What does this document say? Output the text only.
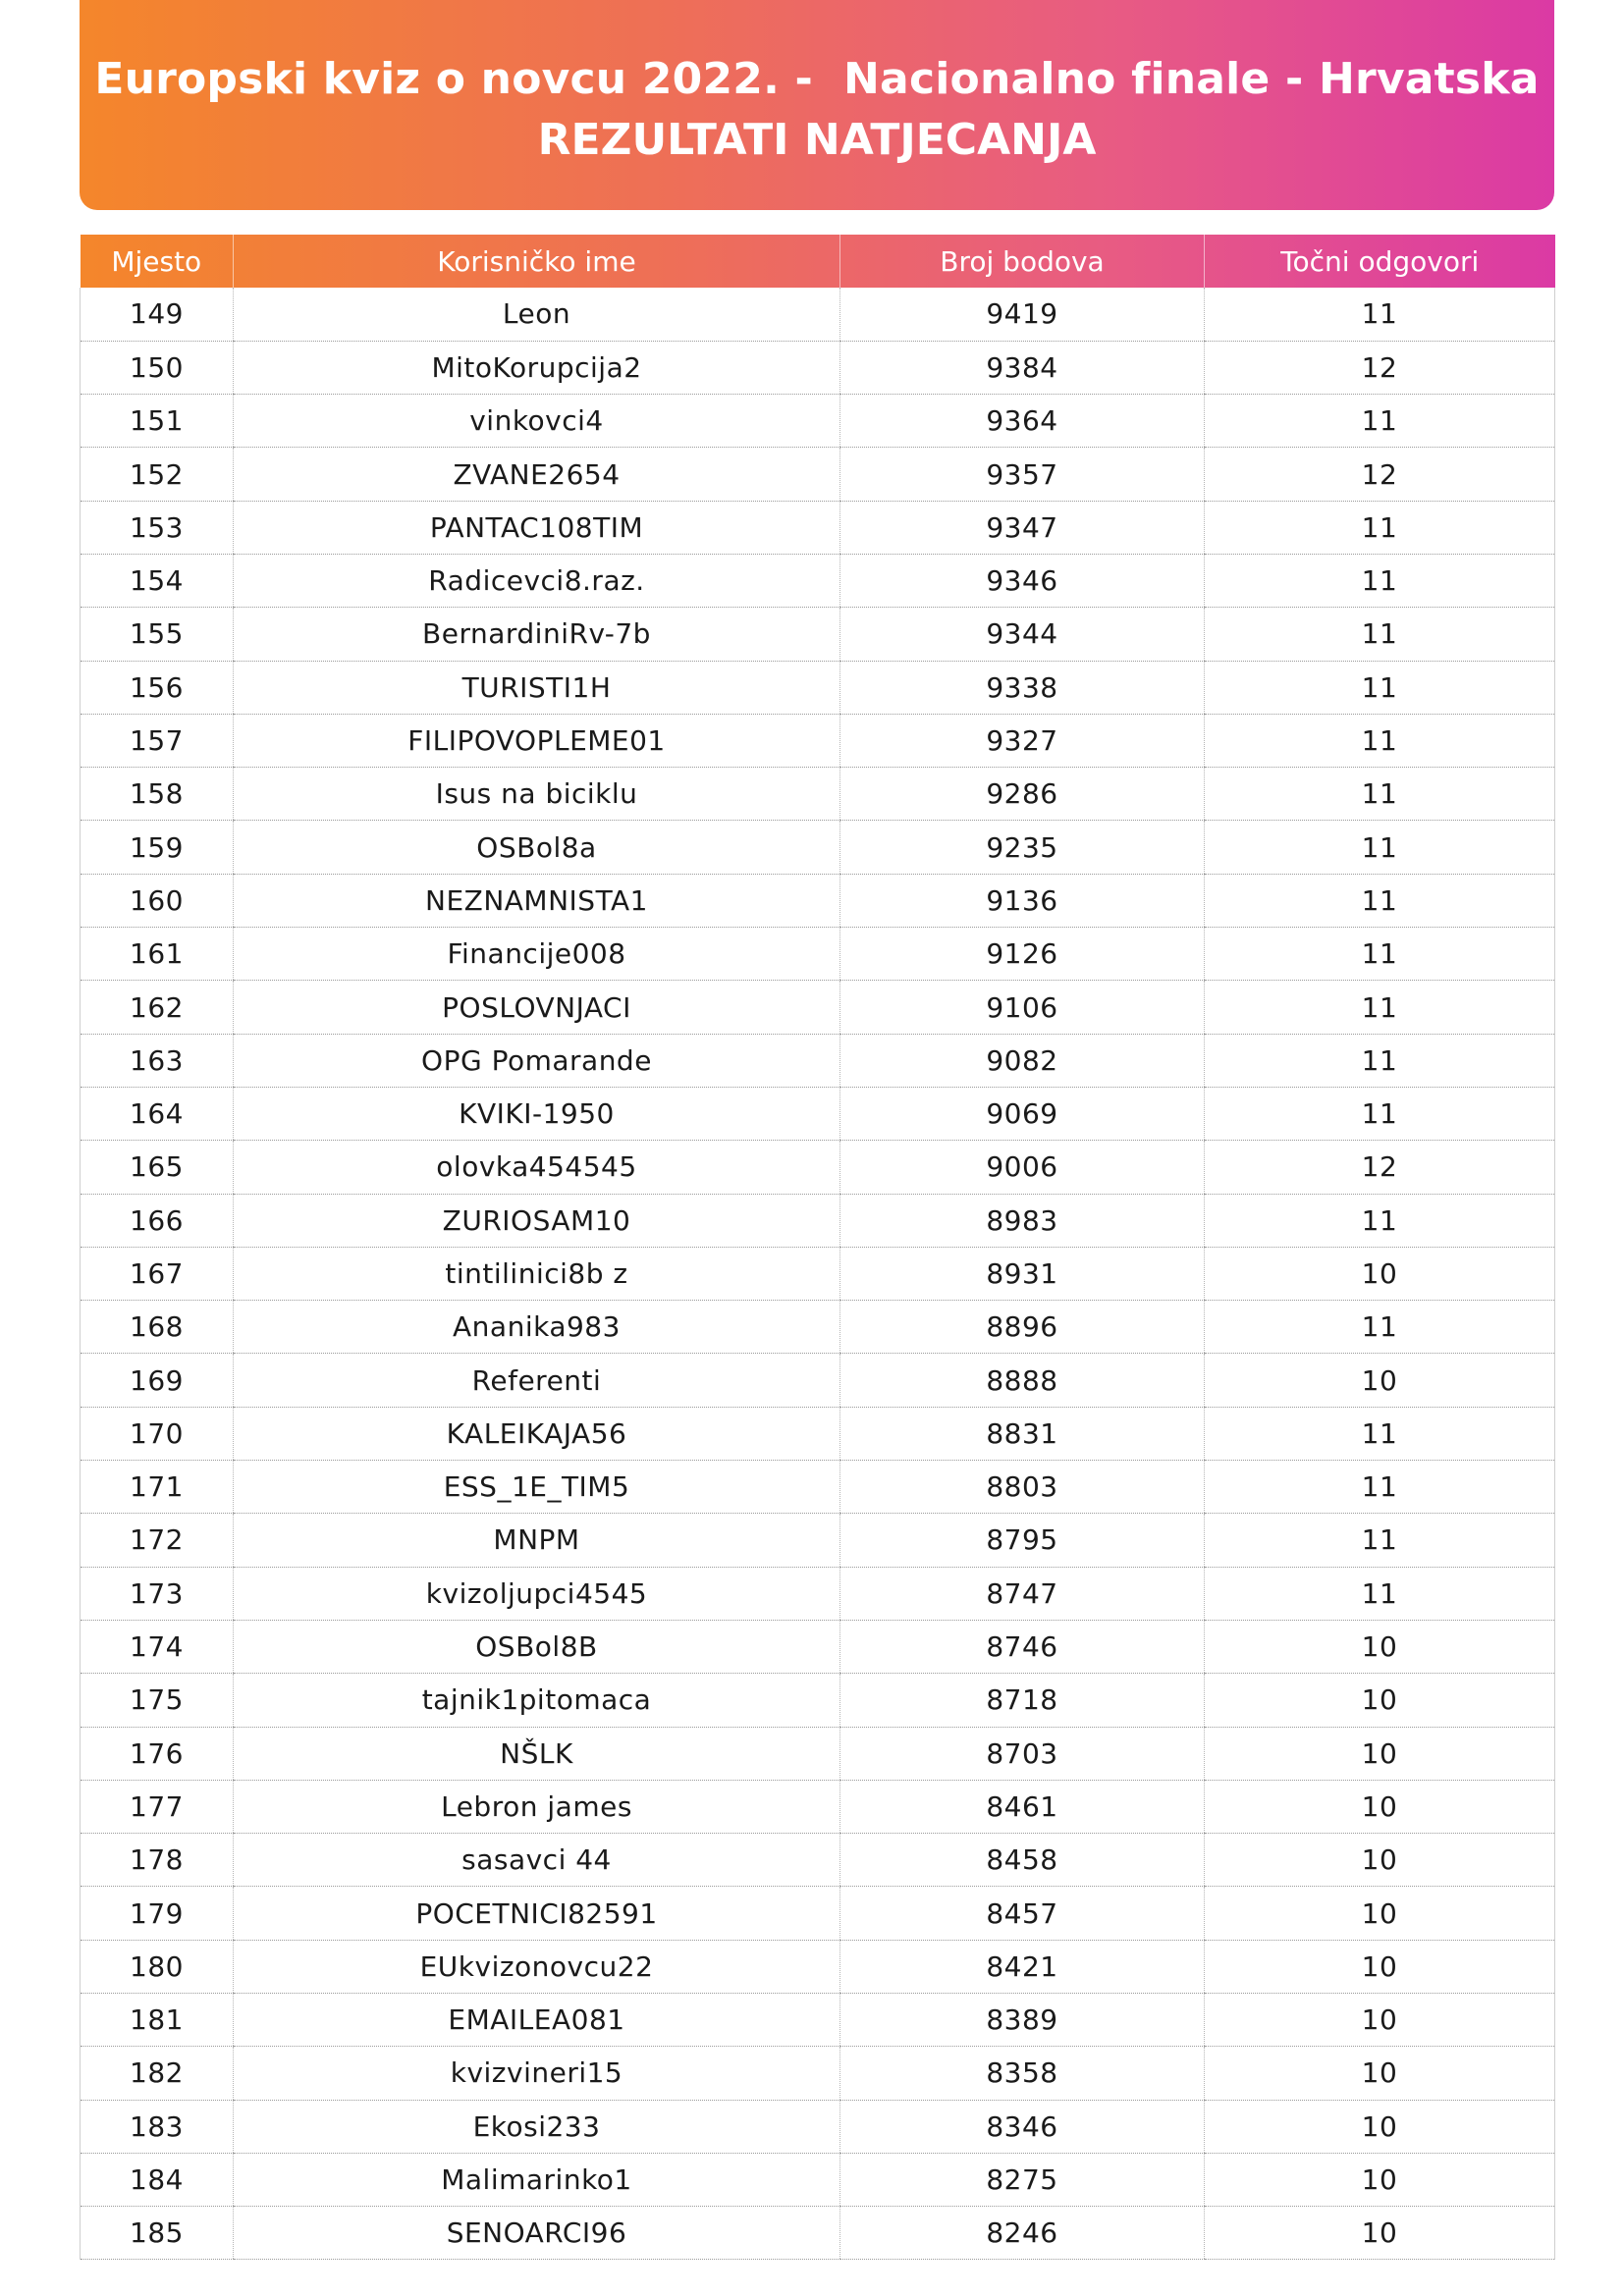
Europski kviz o novcu 2022. -  Nacionalno finale - Hrvatska
REZULTATI NATJECANJA
Mjesto	Korisničko ime	Broj bodova	Točni odgovori
149	Leon	9419	11
150	MitoKorupcija2	9384	12
151	vinkovci4	9364	11
152	ZVANE2654	9357	12
153	PANTAC108TIM	9347	11
154	Radicevci8.raz.	9346	11
155	BernardiniRv-7b	9344	11
156	TURISTI1H	9338	11
157	FILIPOVOPLEME01	9327	11
158	Isus na biciklu	9286	11
159	OSBol8a	9235	11
160	NEZNAMNISTA1	9136	11
161	Financije008	9126	11
162	POSLOVNJACI	9106	11
163	OPG Pomarande	9082	11
164	KVIKI-1950	9069	11
165	olovka454545	9006	12
166	ZURIOSAM10	8983	11
167	tintilinici8b z	8931	10
168	Ananika983	8896	11
169	Referenti	8888	10
170	KALEIKAJA56	8831	11
171	ESS_1E_TIM5	8803	11
172	MNPM	8795	11
173	kvizoljupci4545	8747	11
174	OSBol8B	8746	10
175	tajnik1pitomaca	8718	10
176	NŠLK	8703	10
177	Lebron james	8461	10
178	sasavci 44	8458	10
179	POCETNICI82591	8457	10
180	EUkvizonovcu22	8421	10
181	EMAILEA081	8389	10
182	kvizvineri15	8358	10
183	Ekosi233	8346	10
184	Malimarinko1	8275	10
185	SENOARCI96	8246	10
